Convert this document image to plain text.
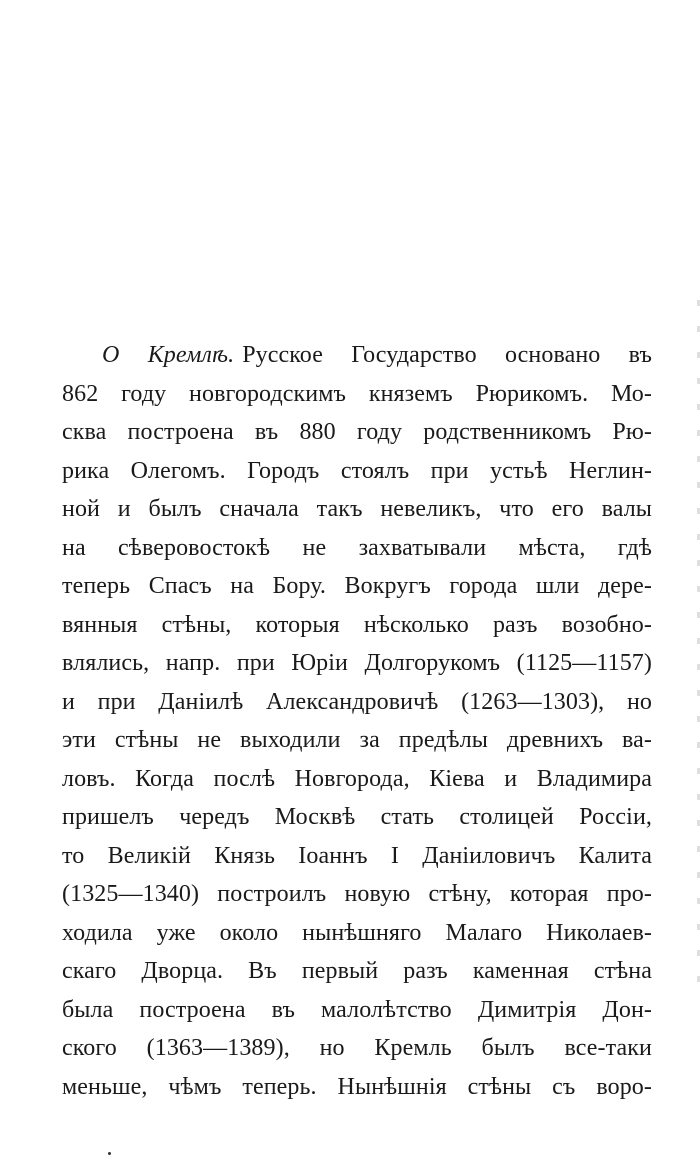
О Кремлѣ. Русское Государство основано въ
862 году новгородскимъ княземъ Рюрикомъ. Мо-
сква построена въ 880 году родственникомъ Рю-
рика Олегомъ. Городъ стоялъ при устьѣ Неглин-
ной и былъ сначала такъ невеликъ, что его валы
на сѣверовостокѣ не захватывали мѣста, гдѣ
теперь Спасъ на Бору. Вокругъ города шли дере-
вянныя стѣны, которыя нѣсколько разъ возобно-
влялись, напр. при Юріи Долгорукомъ (1125—1157)
и при Даніилѣ Александровичѣ (1263—1303), но
эти стѣны не выходили за предѣлы древнихъ ва-
ловъ. Когда послѣ Новгорода, Кіева и Владимира
пришелъ чередъ Москвѣ стать столицей Россіи,
то Великій Князь Іоаннъ I Даніиловичъ Калита
(1325—1340) построилъ новую стѣну, которая про-
ходила уже около нынѣшняго Малаго Николаев-
скаго Дворца. Въ первый разъ каменная стѣна
была построена въ малолѣтство Димитрія Дон-
ского (1363—1389), но Кремль былъ все-таки
меньше, чѣмъ теперь. Нынѣшнія стѣны съ воро-
